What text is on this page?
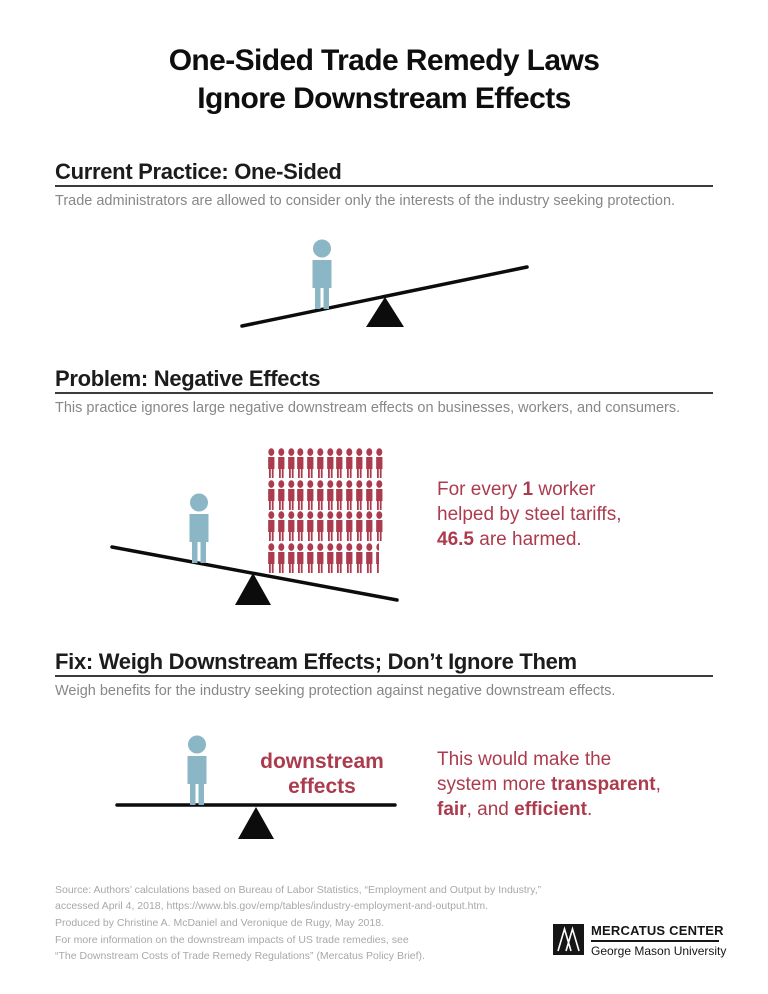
One-Sided Trade Remedy Laws
Ignore Downstream Effects
Current Practice: One-Sided
Trade administrators are allowed to consider only the interests of the industry seeking protection.
Problem: Negative Effects
This practice ignores large negative downstream effects on businesses, workers, and consumers.
For every 1 worker
helped by steel tariffs,
46.5 are harmed.
Fix: Weigh Downstream Effects; Don’t Ignore Them
Weigh benefits for the industry seeking protection against negative downstream effects.
downstream
effects
This would make the
system more transparent,
fair, and efficient.
Source: Authors’ calculations based on Bureau of Labor Statistics, “Employment and Output by Industry,”
accessed April 4, 2018, https://www.bls.gov/emp/tables/industry-employment-and-output.htm.
Produced by Christine A. McDaniel and Veronique de Rugy, May 2018.
For more information on the downstream impacts of US trade remedies, see
“The Downstream Costs of Trade Remedy Regulations” (Mercatus Policy Brief).
MERCATUS CENTER
George Mason University
